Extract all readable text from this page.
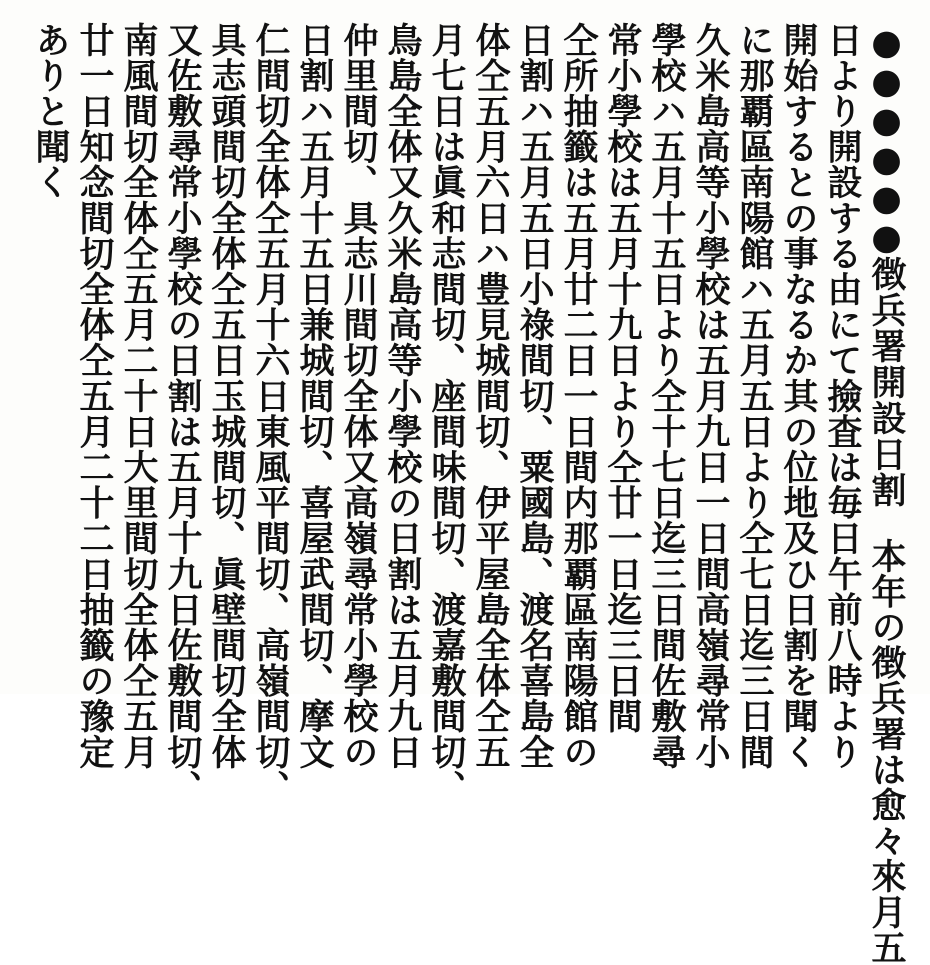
●●●●●●徴兵署開設日割本年の徴兵署は愈々來月五
日より開設する由にて撿査は毎日午前八時より
開始するとの事なるか其の位地及ひ日割を聞く
に那覇區南陽館ハ五月五日より仝七日迄三日間
久米島高等小學校は五月九日一日間高嶺尋常小
學校ハ五月十五日より仝十七日迄三日間佐敷尋
常小學校は五月十九日より仝廿一日迄三日間
仝所抽籤は五月廿二日一日間内那覇區南陽館の
日割ハ五月五日小祿間切、粟國島、渡名喜島全
体仝五月六日ハ豊見城間切、伊平屋島全体仝五
月七日は眞和志間切、座間味間切、渡嘉敷間切、
鳥島全体又久米島高等小學校の日割は五月九日
仲里間切、具志川間切全体又高嶺尋常小學校の
日割ハ五月十五日兼城間切、喜屋武間切、摩文
仁間切全体仝五月十六日東風平間切、高嶺間切、
具志頭間切全体仝五日玉城間切、眞壁間切全体
又佐敷尋常小學校の日割は五月十九日佐敷間切、
南風間切全体仝五月二十日大里間切全体仝五月
廿一日知念間切全体仝五月二十二日抽籤の豫定
ありと聞く
